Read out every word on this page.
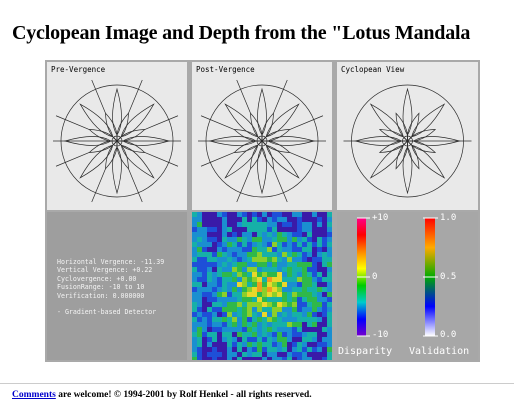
Cyclopean Image and Depth from the "Lotus Mandala
Pre-Vergence	Post-Vergence	Cyclopean View
Horizontal Vergence: -11.39
Vertical Vergence: +0.22
Cyclovergence: +0.00
FusionRange: -10 to 10
Verification: 0.000000
- Gradient-based Detector
+10
0
-10
1.0
0.5
0.0
Disparity Validation
Comments are welcome! © 1994-2001 by Rolf Henkel - all rights reserved.
